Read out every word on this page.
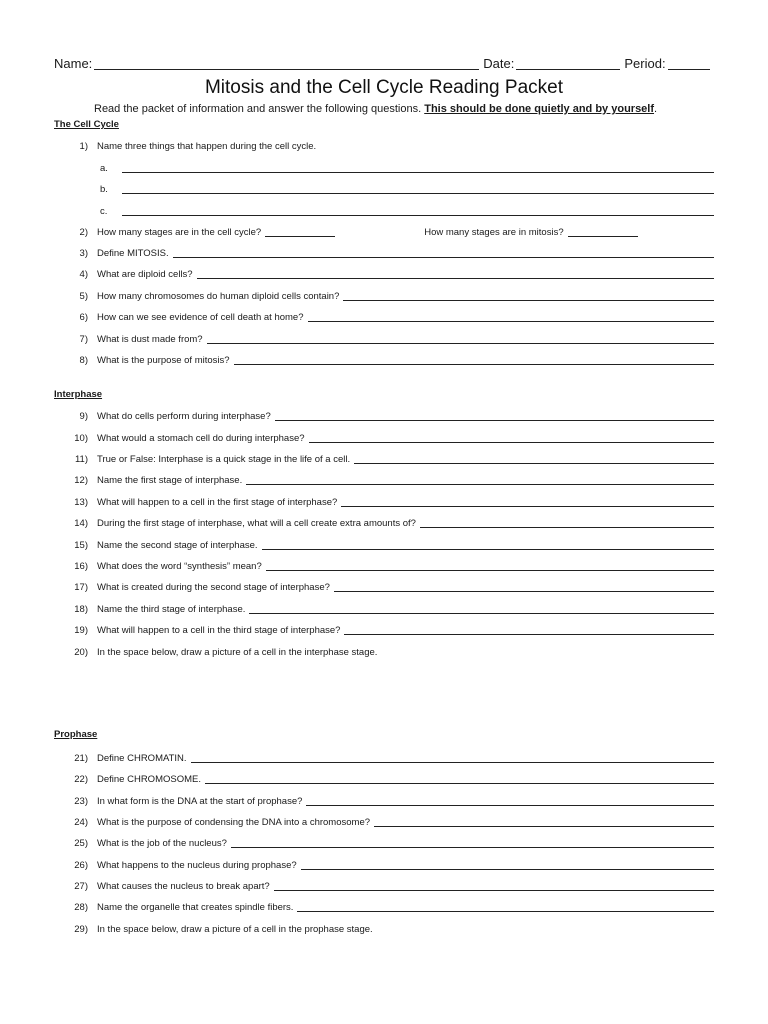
Name:	Date:	Period:
Mitosis and the Cell Cycle Reading Packet
Read the packet of information and answer the following questions. This should be done quietly and by yourself.
The Cell Cycle
1) Name three things that happen during the cell cycle.
a.
b.
c.
2) How many stages are in the cell cycle?	How many stages are in mitosis?
3) Define MITOSIS.
4) What are diploid cells?
5) How many chromosomes do human diploid cells contain?
6) How can we see evidence of cell death at home?
7) What is dust made from?
8) What is the purpose of mitosis?
Interphase
9) What do cells perform during interphase?
10) What would a stomach cell do during interphase?
11) True or False: Interphase is a quick stage in the life of a cell.
12) Name the first stage of interphase.
13) What will happen to a cell in the first stage of interphase?
14) During the first stage of interphase, what will a cell create extra amounts of?
15) Name the second stage of interphase.
16) What does the word “synthesis” mean?
17) What is created during the second stage of interphase?
18) Name the third stage of interphase.
19) What will happen to a cell in the third stage of interphase?
20) In the space below, draw a picture of a cell in the interphase stage.
Prophase
21) Define CHROMATIN.
22) Define CHROMOSOME.
23) In what form is the DNA at the start of prophase?
24) What is the purpose of condensing the DNA into a chromosome?
25) What is the job of the nucleus?
26) What happens to the nucleus during prophase?
27) What causes the nucleus to break apart?
28) Name the organelle that creates spindle fibers.
29) In the space below, draw a picture of a cell in the prophase stage.
